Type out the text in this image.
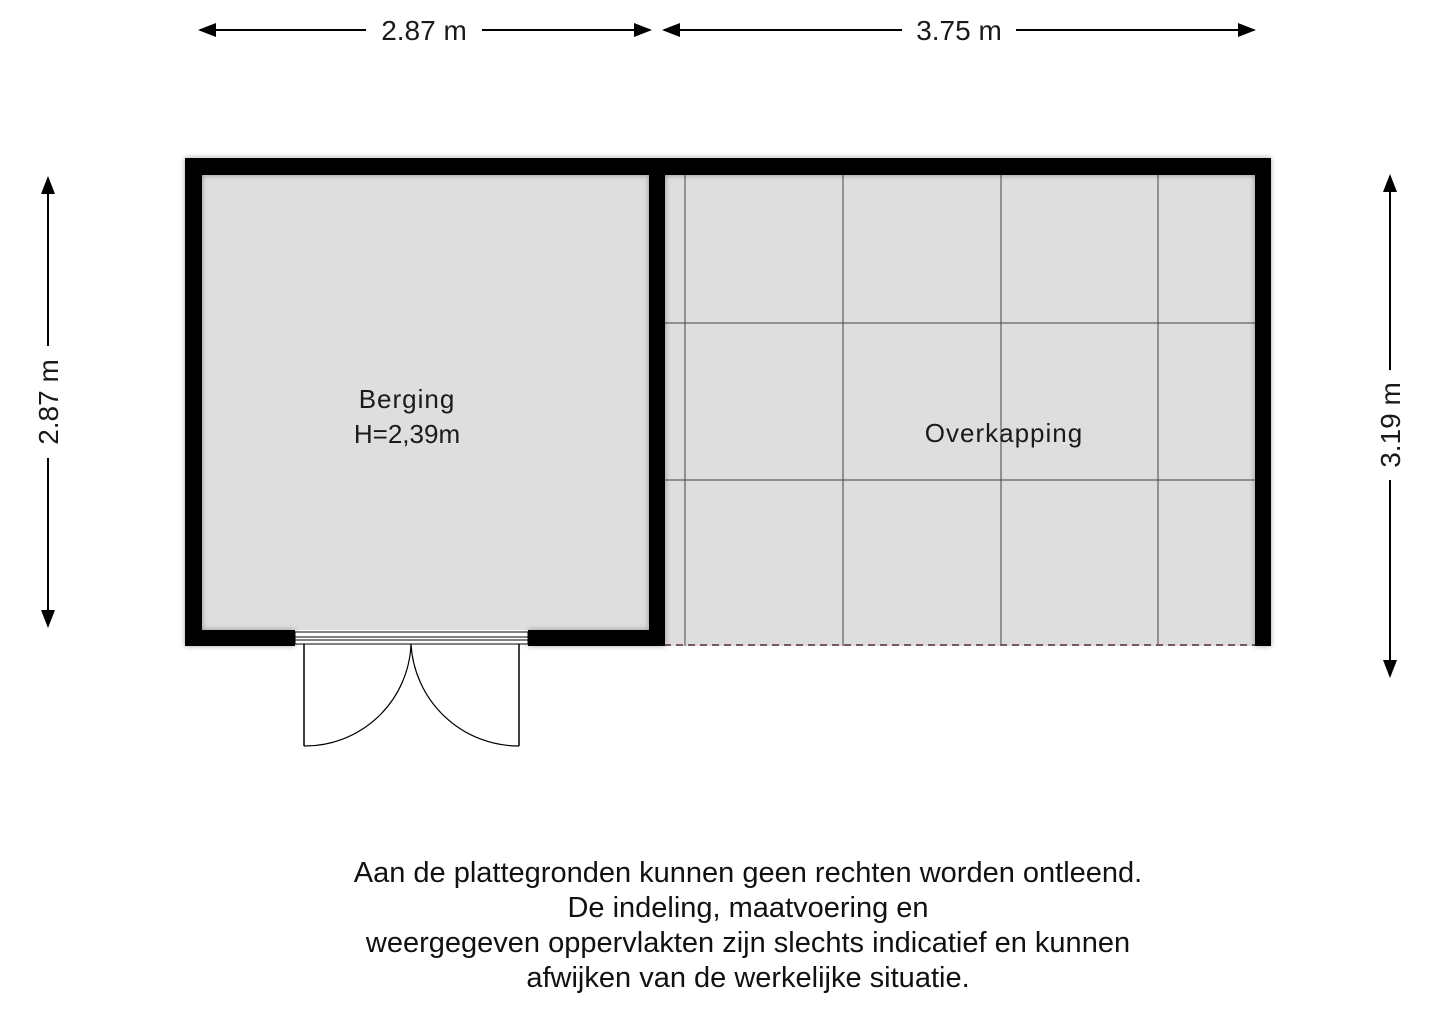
2.87 m	3.75 m
2.87 m	3.19 m
Berging
H=2,39m	Overkapping
Aan de plattegronden kunnen geen rechten worden ontleend.
De indeling, maatvoering en
weergegeven oppervlakten zijn slechts indicatief en kunnen
afwijken van de werkelijke situatie.
